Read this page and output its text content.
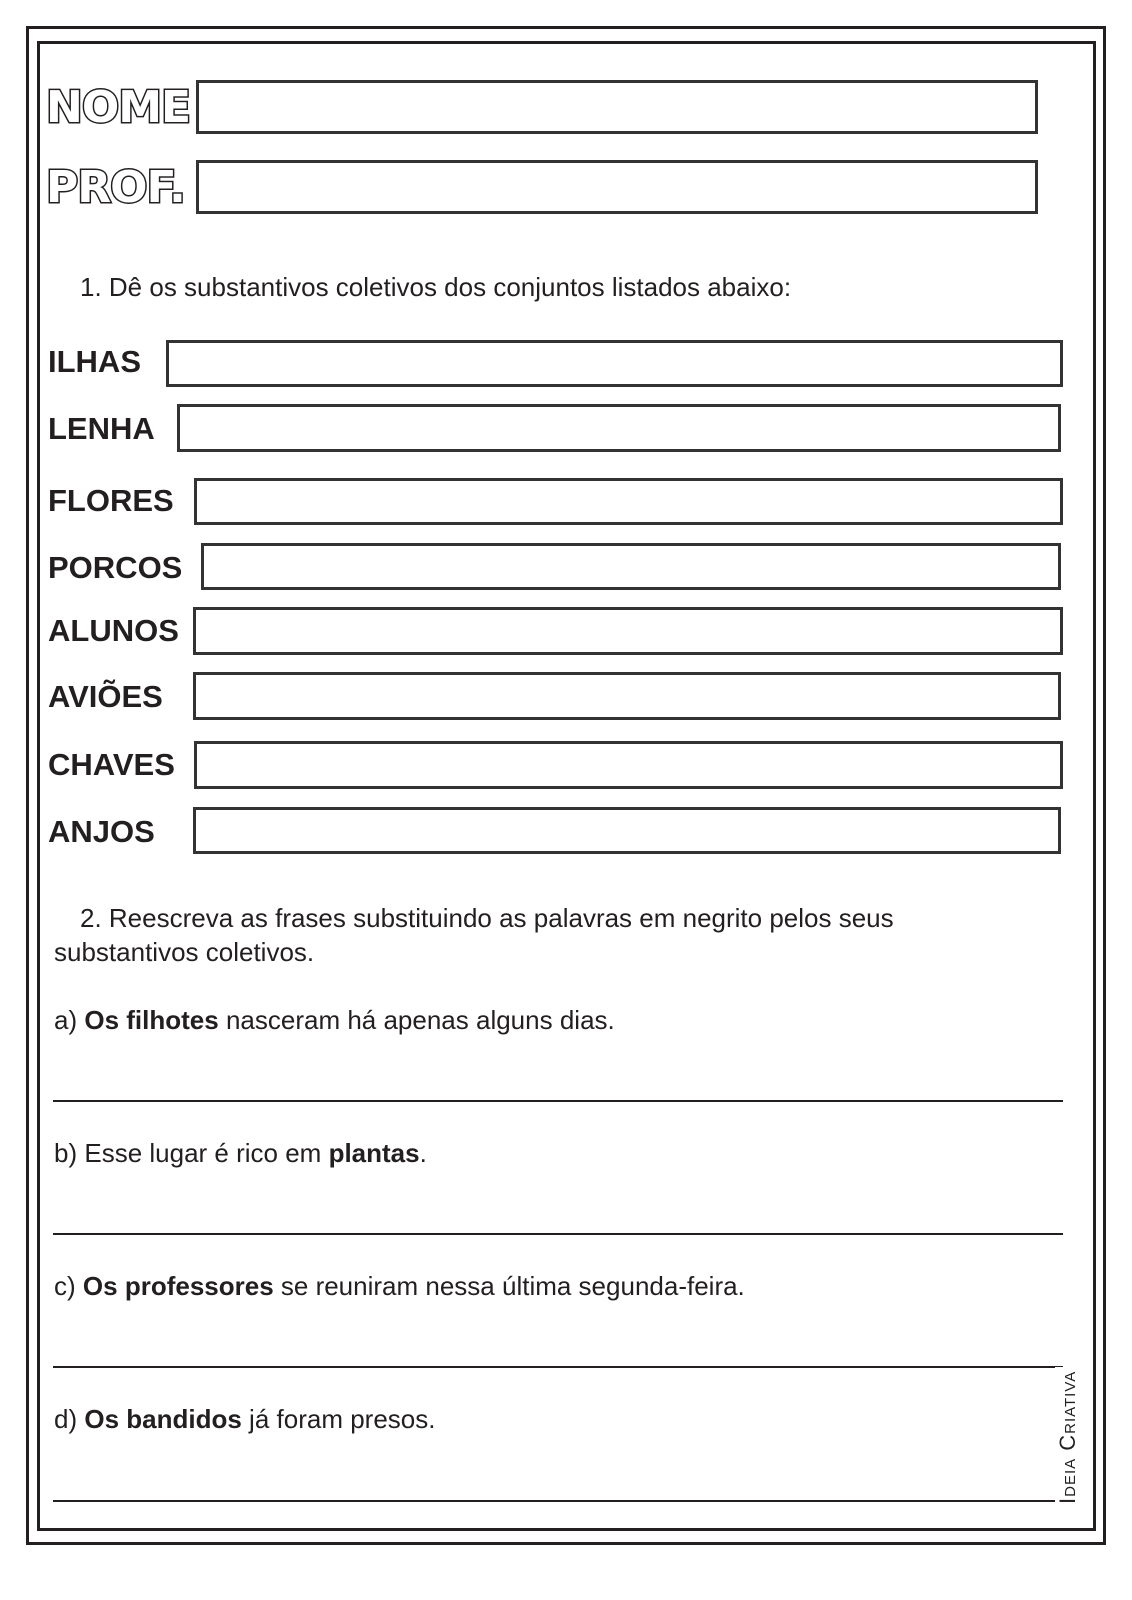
NOME
PROF.
1. Dê os substantivos coletivos dos conjuntos listados abaixo:
ILHAS
LENHA
FLORES
PORCOS
ALUNOS
AVIÕES
CHAVES
ANJOS
2. Reescreva as frases substituindo as palavras em negrito pelos seus
substantivos coletivos.
a) Os filhotes nasceram há apenas alguns dias.
b) Esse lugar é rico em plantas.
c) Os professores se reuniram nessa última segunda-feira.
d) Os bandidos já foram presos.	Ideia Criativa
